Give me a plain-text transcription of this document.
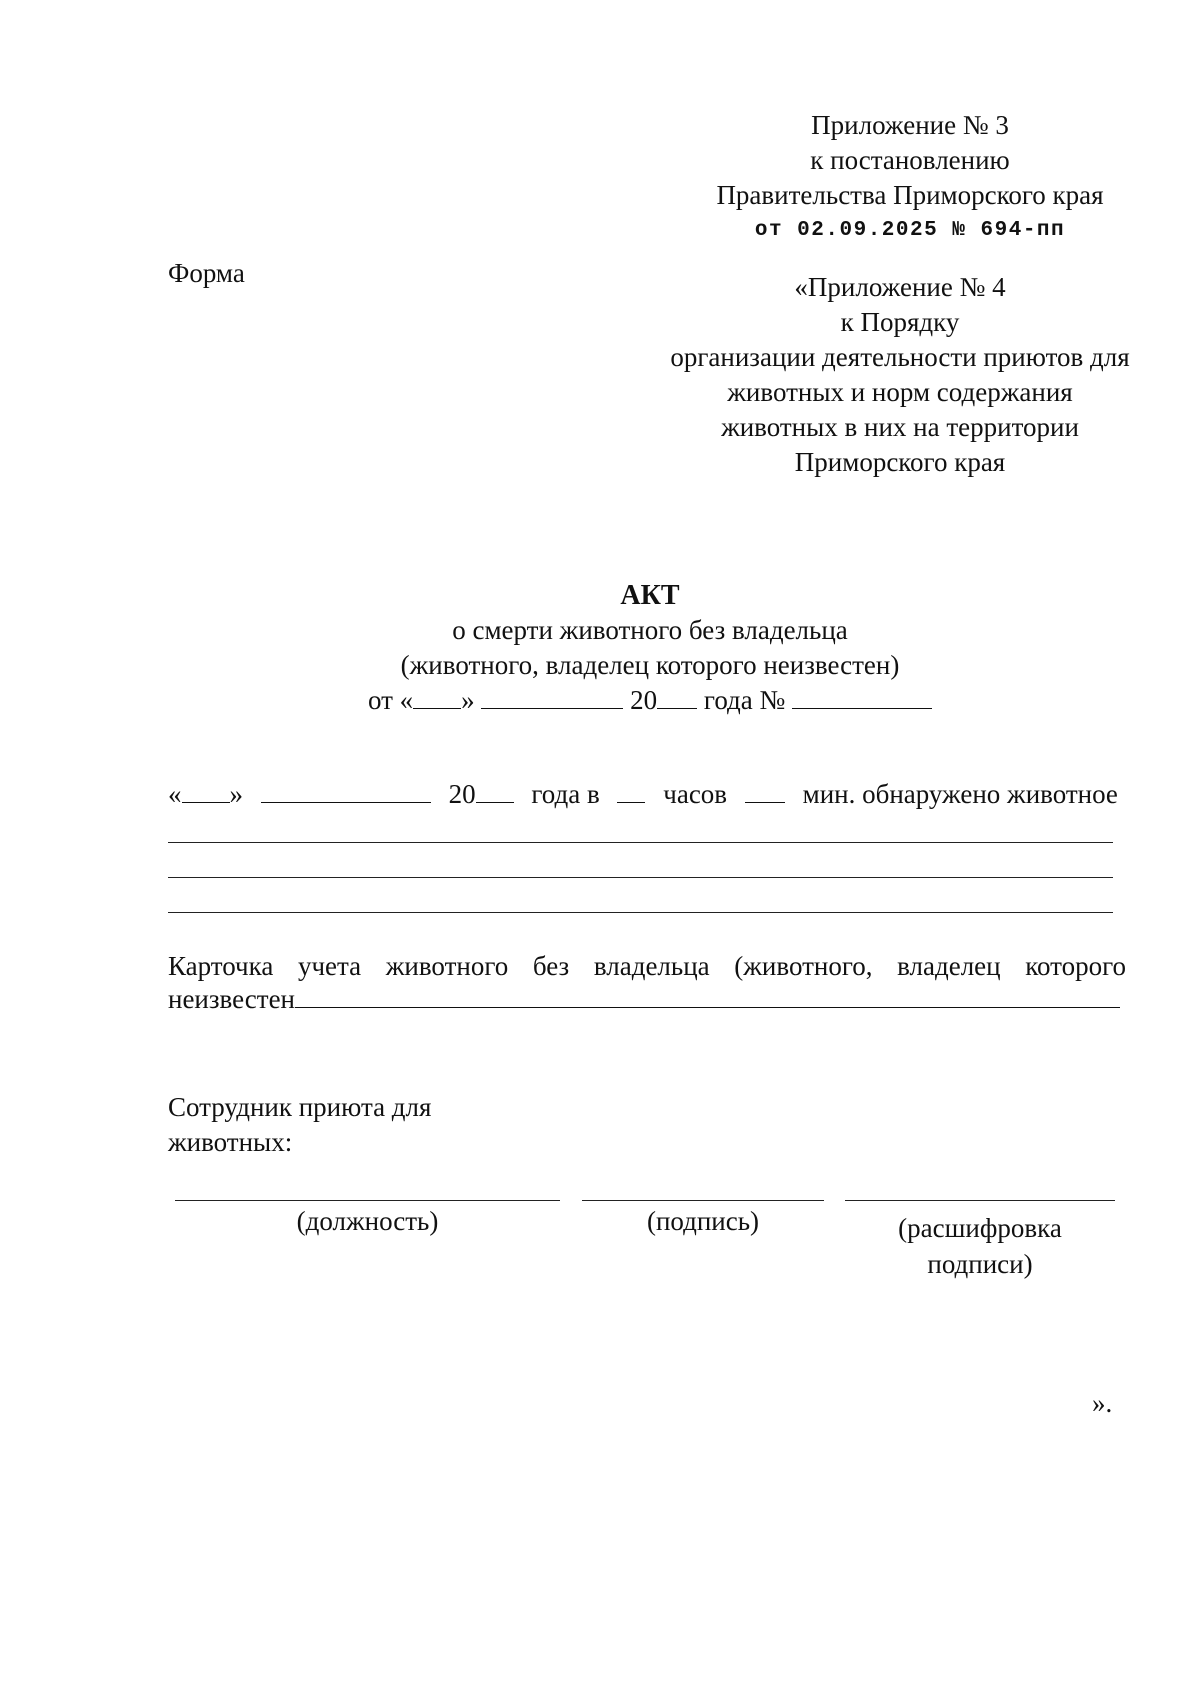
Приложение № 3
к постановлению
Правительства Приморского края
от 02.09.2025 № 694-пп
Форма	«Приложение № 4
к Порядку
организации деятельности приютов для
животных и норм содержания
животных в них на территории
Приморского края
АКТ
о смерти животного без владельца
(животного, владелец которого неизвестен)
от « »	20 года №
« »	20	года в часов	мин. обнаружено животное
Карточка учета животного без владельца (животного, владелец которого
неизвестен
Сотрудник приюта для
животных:
(должность)	(подпись)	(расшифровка
подписи)
».
